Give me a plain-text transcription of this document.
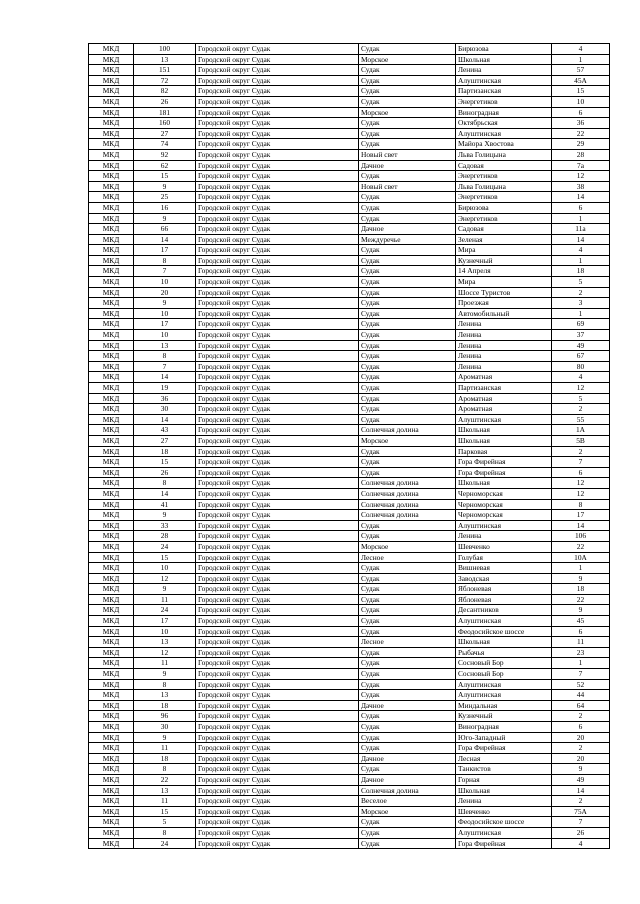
МКД	100	Городской округ Судак	Судак	Бирюзова	4
МКД	13	Городской округ Судак	Морское	Школьная	1
МКД	151	Городской округ Судак	Судак	Ленина	57
МКД	72	Городской округ Судак	Судак	Алуштинская	45А
МКД	82	Городской округ Судак	Судак	Партизанская	15
МКД	26	Городской округ Судак	Судак	Энергетиков	10
МКД	181	Городской округ Судак	Морское	Виноградная	6
МКД	160	Городской округ Судак	Судак	Октябрьская	36
МКД	27	Городской округ Судак	Судак	Алуштинская	22
МКД	74	Городской округ Судак	Судак	Майора Хвостова	29
МКД	92	Городской округ Судак	Новый свет	Льва Голицына	28
МКД	62	Городской округ Судак	Дачное	Садовая	7а
МКД	15	Городской округ Судак	Судак	Энергетиков	12
МКД	9	Городской округ Судак	Новый свет	Льва Голицына	38
МКД	25	Городской округ Судак	Судак	Энергетиков	14
МКД	16	Городской округ Судак	Судак	Бирюзова	6
МКД	9	Городской округ Судак	Судак	Энергетиков	1
МКД	66	Городской округ Судак	Дачное	Садовая	11а
МКД	14	Городской округ Судак	Междуречье	Зеленая	14
МКД	17	Городской округ Судак	Судак	Мира	4
МКД	8	Городской округ Судак	Судак	Кузнечный	1
МКД	7	Городской округ Судак	Судак	14 Апреля	18
МКД	10	Городской округ Судак	Судак	Мира	5
МКД	20	Городской округ Судак	Судак	Шоссе Туристов	2
МКД	9	Городской округ Судак	Судак	Проезжая	3
МКД	10	Городской округ Судак	Судак	Автомобильный	1
МКД	17	Городской округ Судак	Судак	Ленина	69
МКД	10	Городской округ Судак	Судак	Ленина	37
МКД	13	Городской округ Судак	Судак	Ленина	49
МКД	8	Городской округ Судак	Судак	Ленина	67
МКД	7	Городской округ Судак	Судак	Ленина	80
МКД	14	Городской округ Судак	Судак	Ароматная	4
МКД	19	Городской округ Судак	Судак	Партизанская	12
МКД	36	Городской округ Судак	Судак	Ароматная	5
МКД	30	Городской округ Судак	Судак	Ароматная	2
МКД	14	Городской округ Судак	Судак	Алуштинская	55
МКД	43	Городской округ Судак	Солнечная долина	Школьная	1А
МКД	27	Городской округ Судак	Морское	Школьная	5В
МКД	18	Городской округ Судак	Судак	Парковая	2
МКД	15	Городской округ Судак	Судак	Гора Фирейная	7
МКД	26	Городской округ Судак	Судак	Гора Фирейная	6
МКД	8	Городской округ Судак	Солнечная долина	Школьная	12
МКД	14	Городской округ Судак	Солнечная долина	Черноморская	12
МКД	41	Городской округ Судак	Солнечная долина	Черноморская	8
МКД	9	Городской округ Судак	Солнечная долина	Черноморская	17
МКД	33	Городской округ Судак	Судак	Алуштинская	14
МКД	28	Городской округ Судак	Судак	Ленина	106
МКД	24	Городской округ Судак	Морское	Шевченко	22
МКД	15	Городской округ Судак	Лесное	Голубая	10А
МКД	10	Городской округ Судак	Судак	Вишневая	1
МКД	12	Городской округ Судак	Судак	Заводская	9
МКД	9	Городской округ Судак	Судак	Яблоневая	18
МКД	11	Городской округ Судак	Судак	Яблоневая	22
МКД	24	Городской округ Судак	Судак	Десантников	9
МКД	17	Городской округ Судак	Судак	Алуштинская	45
МКД	10	Городской округ Судак	Судак	Феодосийское шоссе	6
МКД	13	Городской округ Судак	Лесное	Школьная	11
МКД	12	Городской округ Судак	Судак	Рыбачья	23
МКД	11	Городской округ Судак	Судак	Сосновый Бор	1
МКД	9	Городской округ Судак	Судак	Сосновый Бор	7
МКД	8	Городской округ Судак	Судак	Алуштинская	52
МКД	13	Городской округ Судак	Судак	Алуштинская	44
МКД	18	Городской округ Судак	Дачное	Миндальная	64
МКД	96	Городской округ Судак	Судак	Кузнечный	2
МКД	30	Городской округ Судак	Судак	Виноградная	6
МКД	9	Городской округ Судак	Судак	Юго-Западный	20
МКД	11	Городской округ Судак	Судак	Гора Фирейная	2
МКД	18	Городской округ Судак	Дачное	Лесная	20
МКД	8	Городской округ Судак	Судак	Танкистов	9
МКД	22	Городской округ Судак	Дачное	Горная	49
МКД	13	Городской округ Судак	Солнечная долина	Школьная	14
МКД	11	Городской округ Судак	Веселое	Ленина	2
МКД	15	Городской округ Судак	Морское	Шевченко	75А
МКД	5	Городской округ Судак	Судак	Феодосийское шоссе	7
МКД	8	Городской округ Судак	Судак	Алуштинская	26
МКД	24	Городской округ Судак	Судак	Гора Фирейная	4
